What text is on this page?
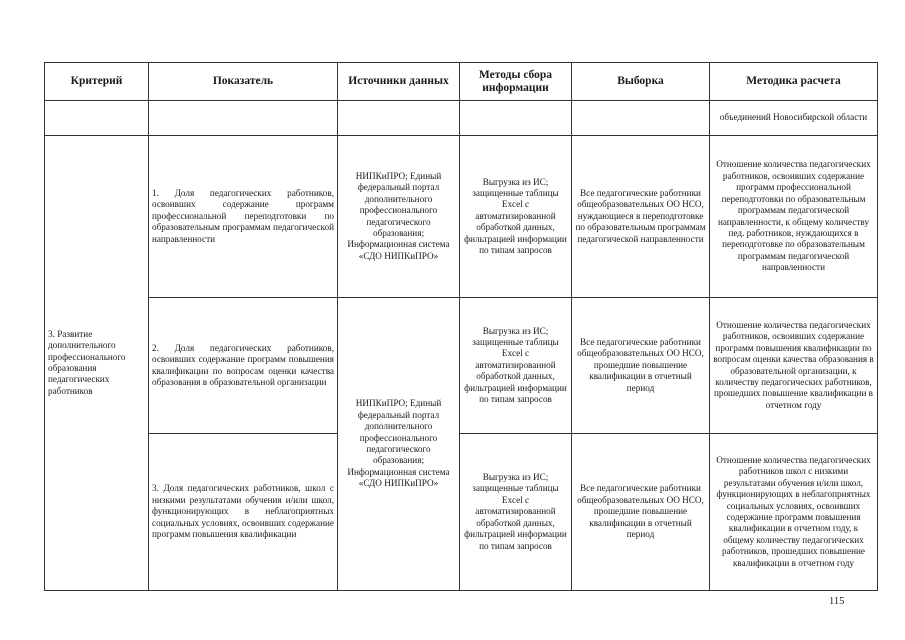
Критерий	Показатель	Источники данных	Методы сбора информации	Выборка	Методика расчета
					объединений Новосибирской области
3. Развитие дополнительного профессионального образования педагогических работников	1. Доля педагогических работников, освоивших содержание программ профессиональной переподготовки по образовательным программам педагогической направленности	НИПКиПРО; Единый федеральный портал дополнительного профессионального педагогического образования; Информационная система «СДО НИПКиПРО»	Выгрузка из ИС; защищенные таблицы Excel с автоматизированной обработкой данных, фильтрацией информации по типам запросов	Все педагогические работники общеобразовательных ОО НСО, нуждающиеся в переподготовке по образовательным программам педагогической направленности	Отношение количества педагогических работников, освоивших содержание программ профессиональной переподготовки по образовательным программам педагогической направленности, к общему количеству пед. работников, нуждающихся в переподготовке по образовательным программам педагогической направленности
	2. Доля педагогических работников, освоивших содержание программ повышения квалификации по вопросам оценки качества образования в образовательной организации	НИПКиПРО; Единый федеральный портал дополнительного профессионального педагогического образования; Информационная система «СДО НИПКиПРО»	Выгрузка из ИС; защищенные таблицы Excel с автоматизированной обработкой данных, фильтрацией информации по типам запросов	Все педагогические работники общеобразовательных ОО НСО, прошедшие повышение квалификации в отчетный период	Отношение количества педагогических работников, освоивших содержание программ повышения квалификации по вопросам оценки качества образования в образовательной организации, к количеству педагогических работников, прошедших повышение квалификации в отчетном году
	3. Доля педагогических работников, школ с низкими результатами обучения и/или школ, функционирующих в неблагоприятных социальных условиях, освоивших содержание программ повышения квалификации		Выгрузка из ИС; защищенные таблицы Excel с автоматизированной обработкой данных, фильтрацией информации по типам запросов	Все педагогические работники общеобразовательных ОО НСО, прошедшие повышение квалификации в отчетный период	Отношение количества педагогических работников школ с низкими результатами обучения и/или школ, функционирующих в неблагоприятных социальных условиях, освоивших содержание программ повышения квалификации в отчетном году, к общему количеству педагогических работников, прошедших повышение квалификации в отчетном году
115
